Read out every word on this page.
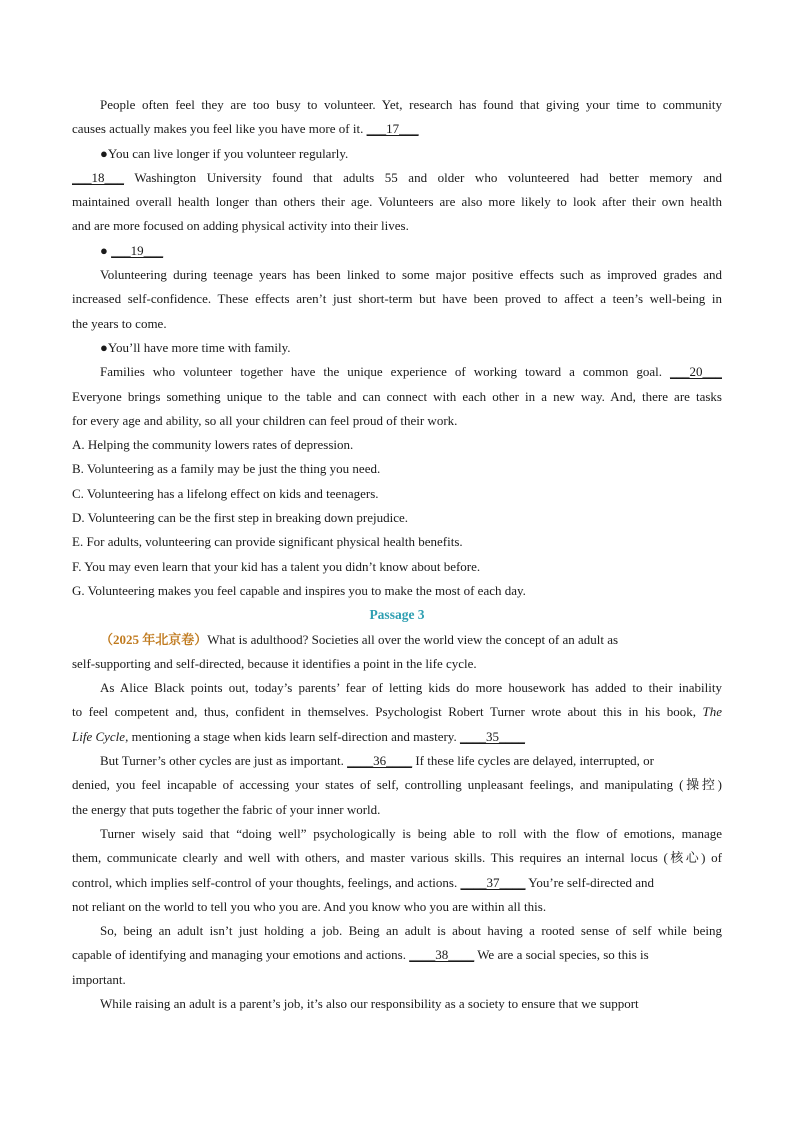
People often feel they are too busy to volunteer. Yet, research has found that giving your time to community
causes actually makes you feel like you have more of it. ___17___
●You can live longer if you volunteer regularly.
___18___ Washington University found that adults 55 and older who volunteered had better memory and
maintained overall health longer than others their age. Volunteers are also more likely to look after their own health
and are more focused on adding physical activity into their lives.
● ___19___
Volunteering during teenage years has been linked to some major positive effects such as improved grades and
increased self-confidence. These effects aren’t just short-term but have been proved to affect a teen’s well-being in
the years to come.
●You’ll have more time with family.
Families who volunteer together have the unique experience of working toward a common goal. ___20___
Everyone brings something unique to the table and can connect with each other in a new way. And, there are tasks
for every age and ability, so all your children can feel proud of their work.
A. Helping the community lowers rates of depression.
B. Volunteering as a family may be just the thing you need.
C. Volunteering has a lifelong effect on kids and teenagers.
D. Volunteering can be the first step in breaking down prejudice.
E. For adults, volunteering can provide significant physical health benefits.
F. You may even learn that your kid has a talent you didn’t know about before.
G. Volunteering makes you feel capable and inspires you to make the most of each day.
Passage 3
（2025 年北京卷）What is adulthood? Societies all over the world view the concept of an adult as
self-supporting and self-directed, because it identifies a point in the life cycle.
As Alice Black points out, today’s parents’ fear of letting kids do more housework has added to their inability
to feel competent and, thus, confident in themselves. Psychologist Robert Turner wrote about this in his book, The
Life Cycle, mentioning a stage when kids learn self-direction and mastery. ____35____
But Turner’s other cycles are just as important. ____36____ If these life cycles are delayed, interrupted, or
denied, you feel incapable of accessing your states of self, controlling unpleasant feelings, and manipulating (操控)
the energy that puts together the fabric of your inner world.
Turner wisely said that “doing well” psychologically is being able to roll with the flow of emotions, manage
them, communicate clearly and well with others, and master various skills. This requires an internal locus (核心) of
control, which implies self-control of your thoughts, feelings, and actions. ____37____ You’re self-directed and
not reliant on the world to tell you who you are. And you know who you are within all this.
So, being an adult isn’t just holding a job. Being an adult is about having a rooted sense of self while being
capable of identifying and managing your emotions and actions. ____38____ We are a social species, so this is
important.
While raising an adult is a parent’s job, it’s also our responsibility as a society to ensure that we support
